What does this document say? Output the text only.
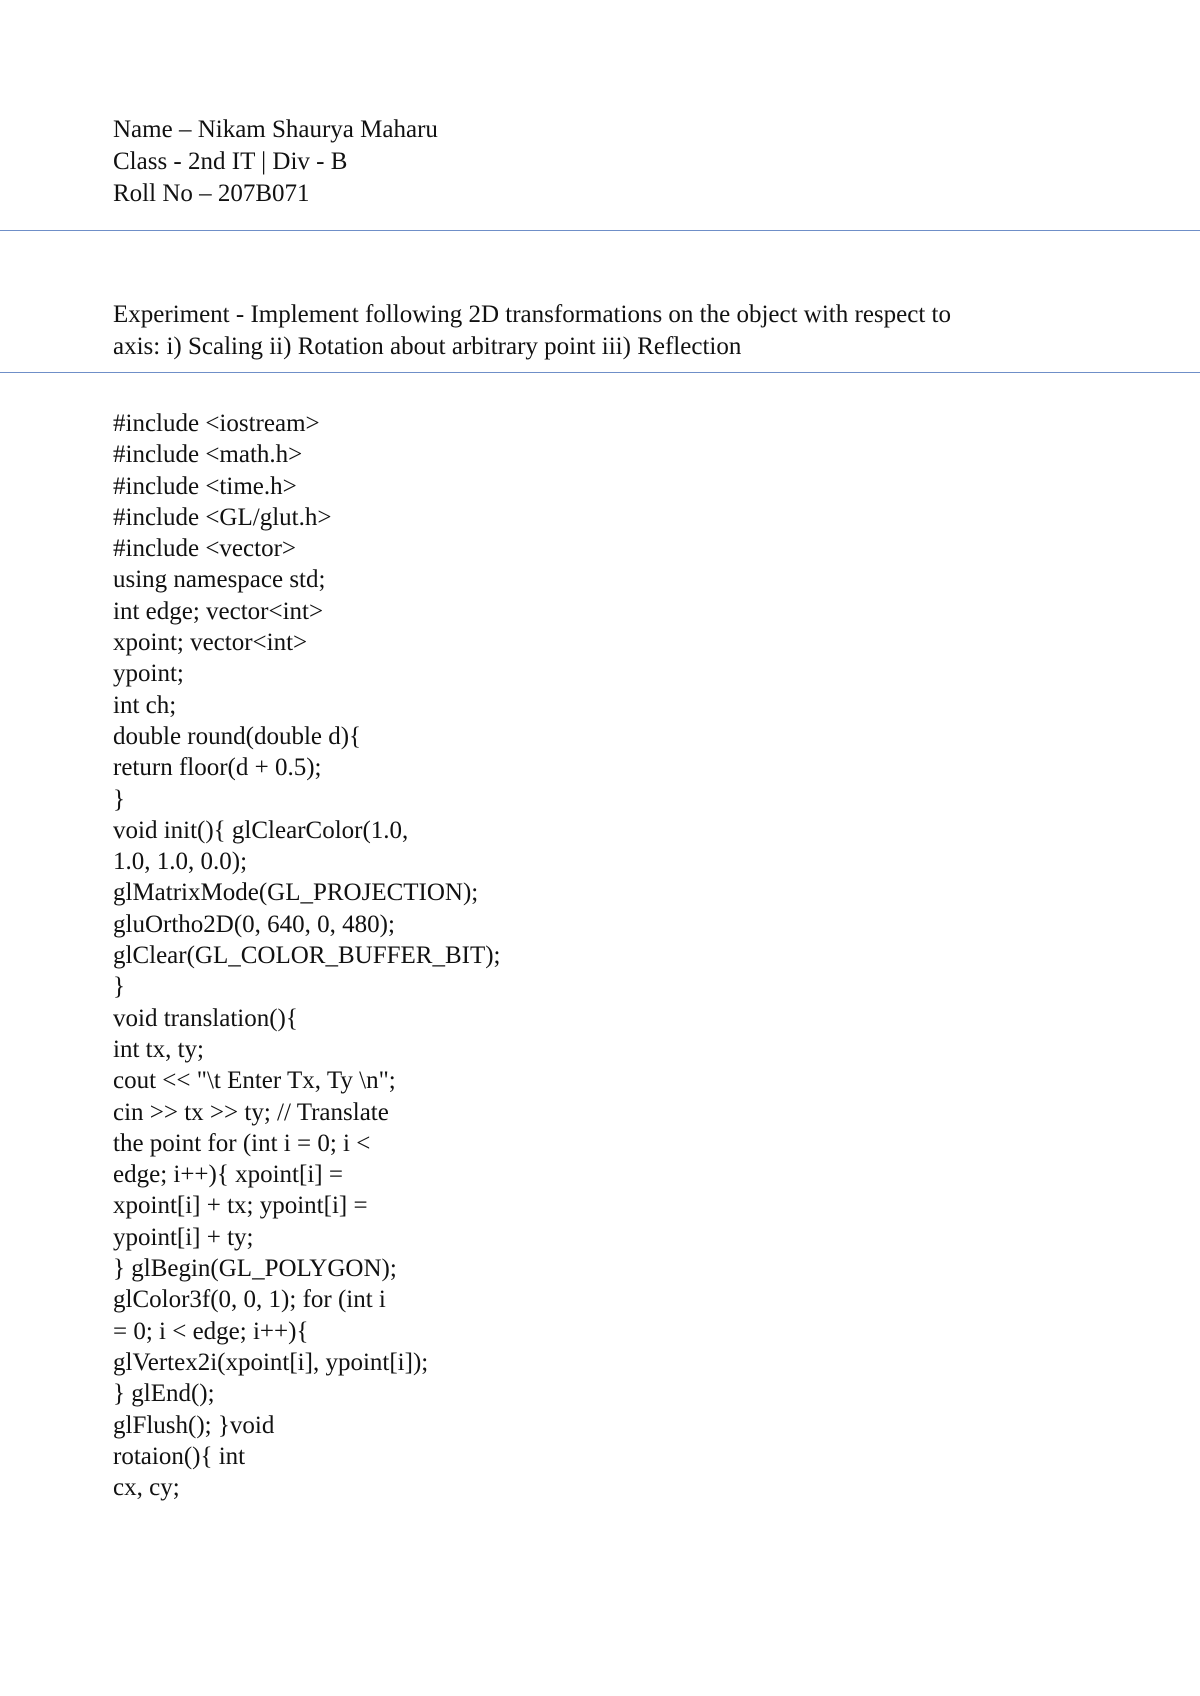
Name – Nikam Shaurya Maharu
Class - 2nd IT | Div - B
Roll No – 207B071
Experiment - Implement following 2D transformations on the object with respect to
axis: i) Scaling ii) Rotation about arbitrary point iii) Reflection
#include <iostream>
#include <math.h>
#include <time.h>
#include <GL/glut.h>
#include <vector>
using namespace std;
int edge; vector<int>
xpoint; vector<int>
ypoint;
int ch;
double round(double d){
return floor(d + 0.5);
}
void init(){ glClearColor(1.0,
1.0, 1.0, 0.0);
glMatrixMode(GL_PROJECTION);
gluOrtho2D(0, 640, 0, 480);
glClear(GL_COLOR_BUFFER_BIT);
}
void translation(){
int tx, ty;
cout << "\t Enter Tx, Ty \n";
cin >> tx >> ty; // Translate
the point for (int i = 0; i <
edge; i++){ xpoint[i] =
xpoint[i] + tx; ypoint[i] =
ypoint[i] + ty;
} glBegin(GL_POLYGON);
glColor3f(0, 0, 1); for (int i
= 0; i < edge; i++){
glVertex2i(xpoint[i], ypoint[i]);
} glEnd();
glFlush(); }void
rotaion(){ int
cx, cy;
